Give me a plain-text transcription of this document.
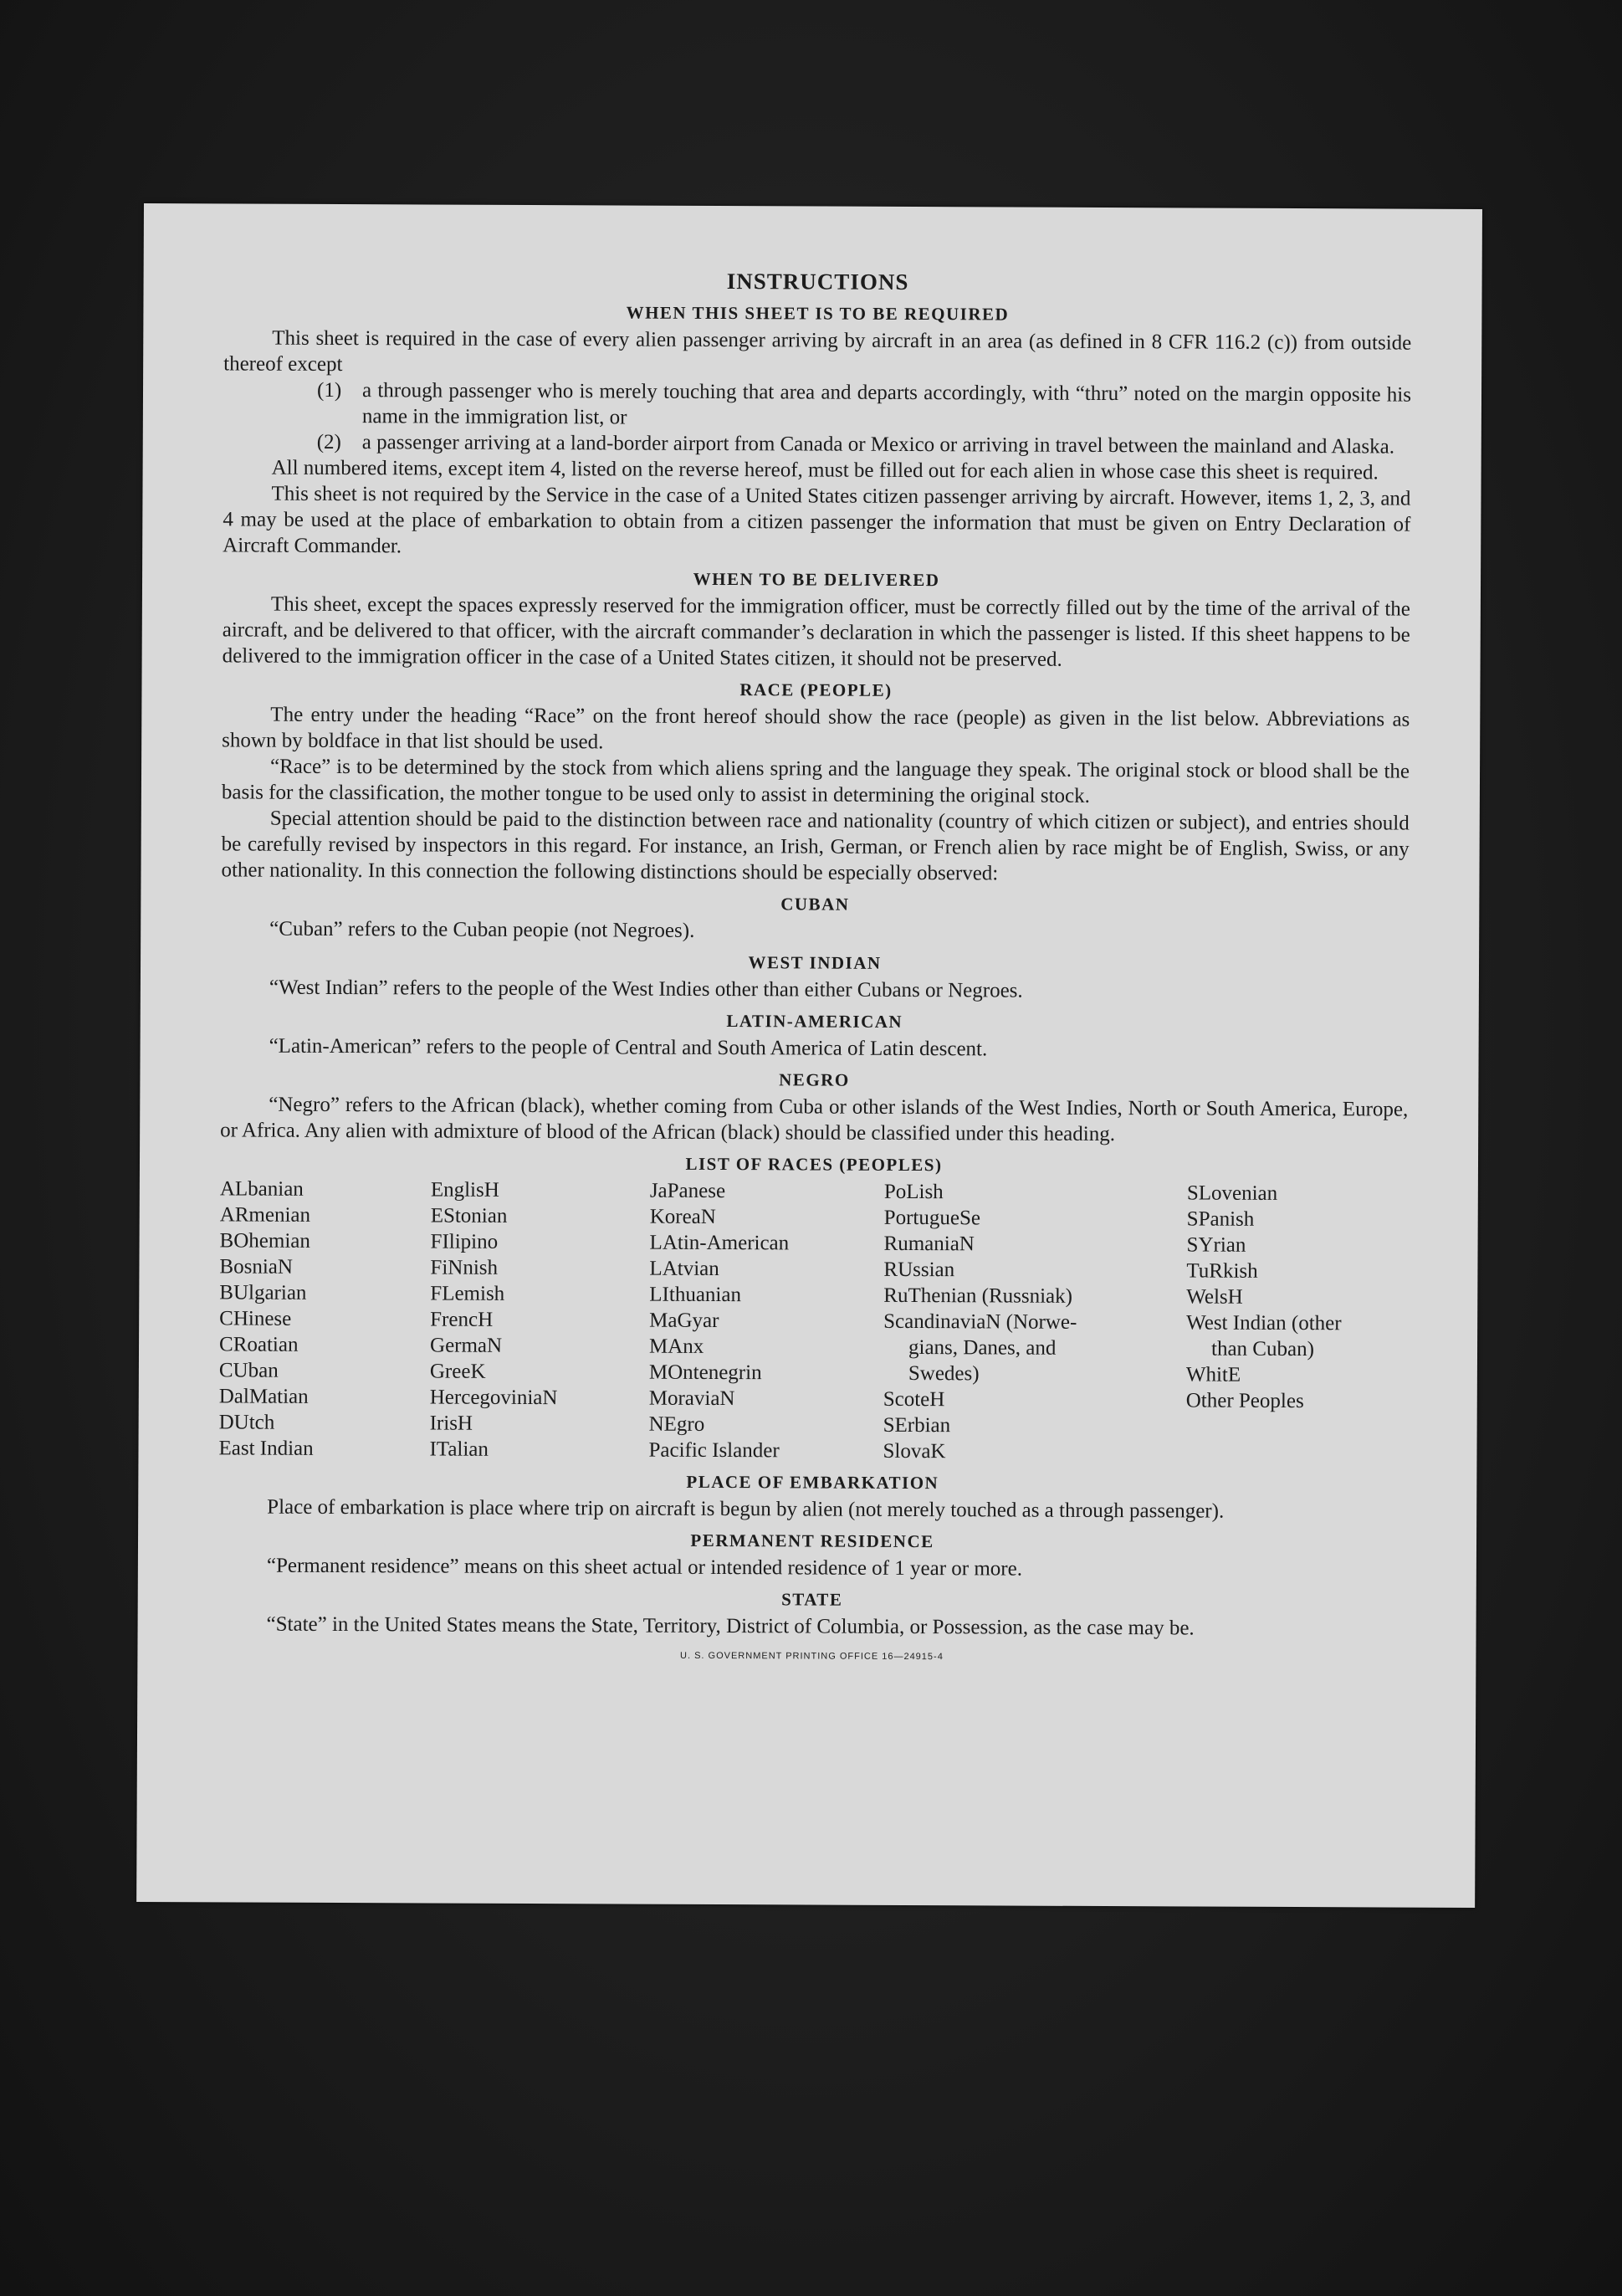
INSTRUCTIONS
WHEN THIS SHEET IS TO BE REQUIRED

This sheet is required in the case of every alien passenger arriving by aircraft in an area (as defined in 8 CFR 116.2 (c)) from outside thereof except

(1) a through passenger who is merely touching that area and departs accordingly, with “thru” noted on the margin opposite his name in the immigration list, or
(2) a passenger arriving at a land-border airport from Canada or Mexico or arriving in travel between the mainland and Alaska.

All numbered items, except item 4, listed on the reverse hereof, must be filled out for each alien in whose case this sheet is required.

This sheet is not required by the Service in the case of a United States citizen passenger arriving by aircraft. However, items 1, 2, 3, and 4 may be used at the place of embarkation to obtain from a citizen passenger the information that must be given on Entry Declaration of Aircraft Commander.

WHEN TO BE DELIVERED

This sheet, except the spaces expressly reserved for the immigration officer, must be correctly filled out by the time of the arrival of the aircraft, and be delivered to that officer, with the aircraft commander’s declaration in which the passenger is listed. If this sheet happens to be delivered to the immigration officer in the case of a United States citizen, it should not be preserved.

RACE (PEOPLE)

The entry under the heading “Race” on the front hereof should show the race (people) as given in the list below. Abbreviations as shown by boldface in that list should be used.

“Race” is to be determined by the stock from which aliens spring and the language they speak. The original stock or blood shall be the basis for the classification, the mother tongue to be used only to assist in determining the original stock.

Special attention should be paid to the distinction between race and nationality (country of which citizen or subject), and entries should be carefully revised by inspectors in this regard. For instance, an Irish, German, or French alien by race might be of English, Swiss, or any other nationality. In this connection the following distinctions should be especially observed:

CUBAN

“Cuban” refers to the Cuban peopie (not Negroes).

WEST INDIAN

“West Indian” refers to the people of the West Indies other than either Cubans or Negroes.

LATIN-AMERICAN

“Latin-American” refers to the people of Central and South America of Latin descent.

NEGRO

“Negro” refers to the African (black), whether coming from Cuba or other islands of the West Indies, North or South America, Europe, or Africa. Any alien with admixture of blood of the African (black) should be classified under this heading.

LIST OF RACES (PEOPLES)
ALbanian
ARmenian
BOhemian
BosniaN
BUlgarian
CHinese
CRoatian
CUban
DalMatian
DUtch
East Indian
EnglisH
EStonian
FIlipino
FiNnish
FLemish
FrencH
GermaN
GreeK
HercegoviniaN
IrisH
ITalian
JaPanese
KoreaN
LAtin-American
LAtvian
LIthuanian
MaGyar
MAnx
MOntenegrin
MoraviaN
NEgro
Pacific Islander
PoLish
PortugueSe
RumaniaN
RUssian
RuThenian (Russniak)
ScandinaviaN (Norwe-
gians, Danes, and
Swedes)
ScoteH
SErbian
SlovaK
SLovenian
SPanish
SYrian
TuRkish
WelsH
West Indian (other
than Cuban)
WhitE
Other Peoples
PLACE OF EMBARKATION

Place of embarkation is place where trip on aircraft is begun by alien (not merely touched as a through passenger).

PERMANENT RESIDENCE

“Permanent residence” means on this sheet actual or intended residence of 1 year or more.

STATE

“State” in the United States means the State, Territory, District of Columbia, or Possession, as the case may be.

U. S. GOVERNMENT PRINTING OFFICE 16—24915-4
